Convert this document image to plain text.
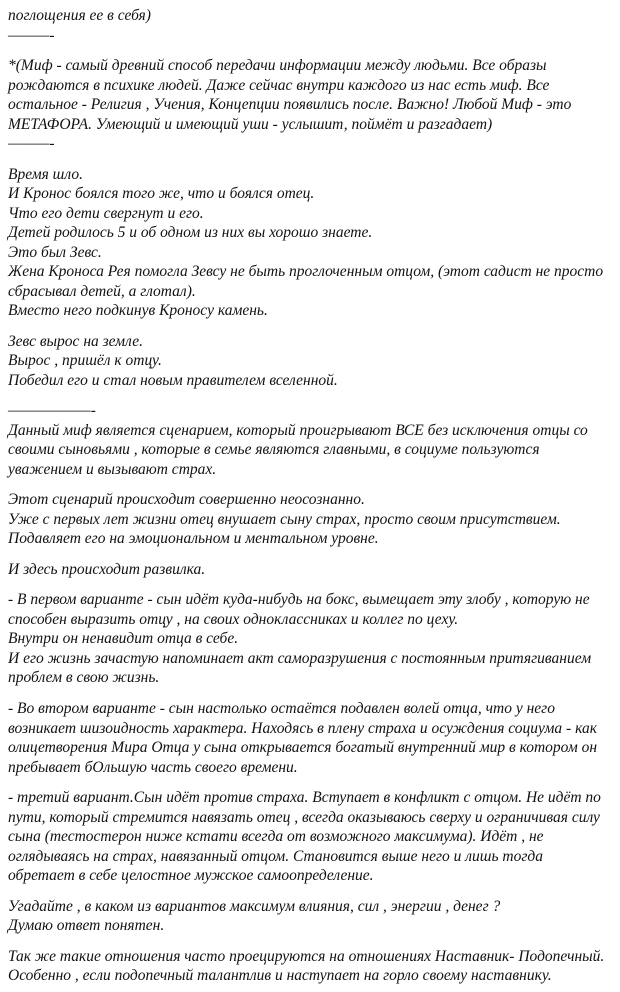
поглощения ее в себя)

———-

*(Миф - самый древний способ передачи информации между людьми. Все образы рождаются в психике людей. Даже сейчас внутри каждого из нас есть миф. Все остальное - Религия , Учения, Концепции появились после. Важно! Любой Миф - это МЕТАФОРА. Умеющий и имеющий уши - услышит, поймёт и разгадает)

———-

Время шло.

И Кронос боялся того же, что и боялся отец.

Что его дети свергнут и его.

Детей родилось 5 и об одном из них вы хорошо знаете.

Это был Зевс.

Жена Кроноса Рея помогла Зевсу не быть проглоченным отцом, (этот садист не просто сбрасывал детей, а глотал).

Вместо него подкинув Кроносу камень.

Зевс вырос на земле.

Вырос , пришёл к отцу.

Победил его и стал новым правителем вселенной.

——————-

Данный миф является сценарием, который проигрывают ВСЕ без исключения отцы со своими сыновьями , которые в семье являются главными, в социуме пользуются уважением и вызывают страх.

Этот сценарий происходит совершенно неосознанно.

Уже с первых лет жизни отец внушает сыну страх, просто своим присутствием.

Подавляет его на эмоциональном и ментальном уровне.

И здесь происходит развилка.

- В первом варианте - сын идёт куда-нибудь на бокс, вымещает эту злобу , которую не способен выразить отцу , на своих одноклассниках и коллег по цеху.

Внутри он ненавидит отца в себе.

И его жизнь зачастую напоминает акт саморазрушения с постоянным притягиванием проблем в свою жизнь.

- Во втором варианте - сын настолько остаётся подавлен волей отца, что у него возникает шизоидность характера. Находясь в плену страха и осуждения социума - как олицетворения Мира Отца у сына открывается богатый внутренний мир в котором он пребывает бОльшую часть своего времени.

- третий вариант.Сын идёт против страха. Вступает в конфликт с отцом. Не идёт по пути, который стремится навязать отец , всегда оказываюсь сверху и ограничивая силу сына (тестостерон ниже кстати всегда от возможного максимума). Идёт , не оглядываясь на страх, навязанный отцом. Становится выше него и лишь тогда обретает в себе целостное мужское самоопределение.

Угадайте , в каком из вариантов максимум влияния, сил , энергии , денег ?

Думаю ответ понятен.

Так же такие отношения часто проецируются на отношениях Наставник- Подопечный.

Особенно , если подопечный талантлив и наступает на горло своему наставнику.
